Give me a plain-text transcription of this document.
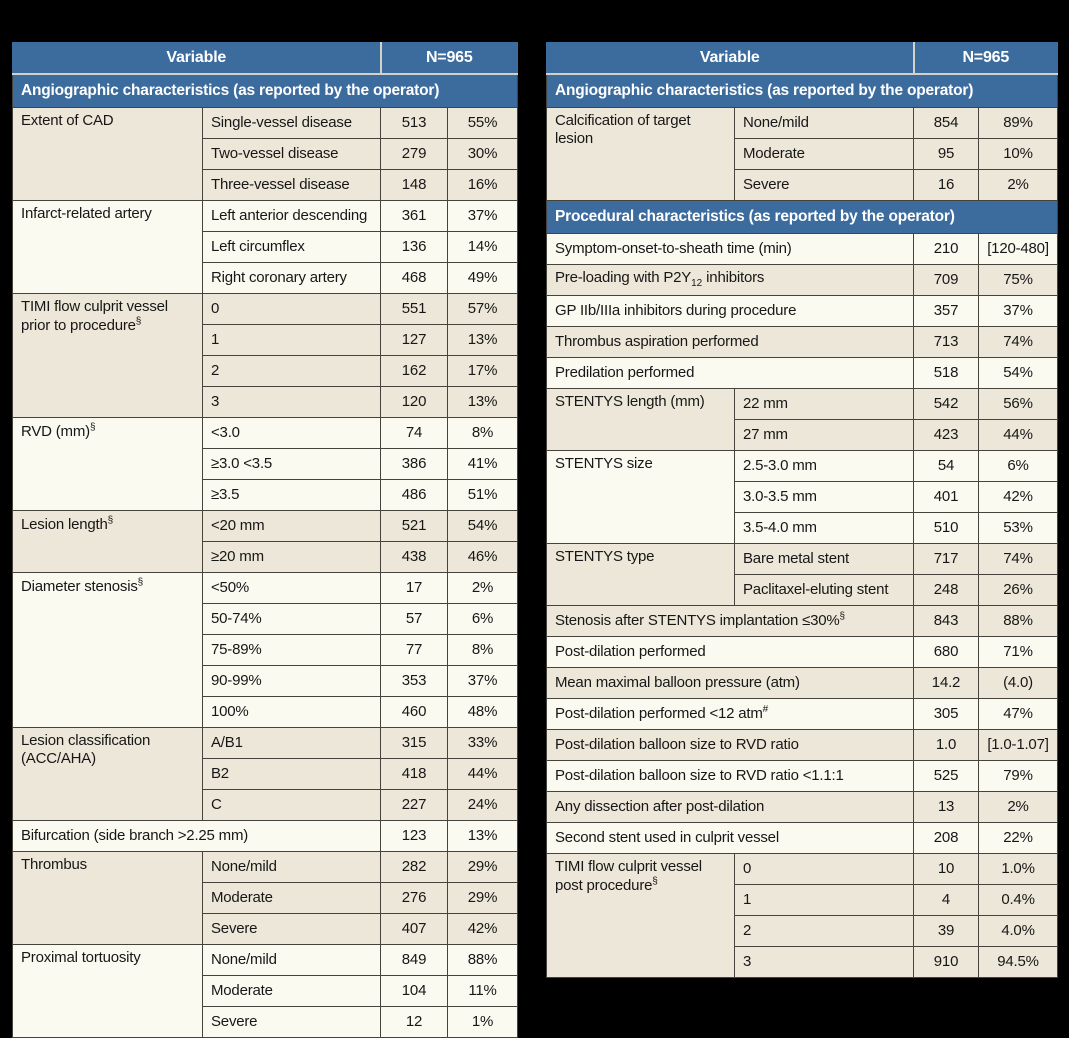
Variable		N=965	
Angiographic characteristics (as reported by the operator)			
Extent of CAD	Single-vessel disease	513	55%
	Two-vessel disease	279	30%
	Three-vessel disease	148	16%
Infarct-related artery	Left anterior descending	361	37%
	Left circumflex	136	14%
	Right coronary artery	468	49%
TIMI flow culprit vessel prior to procedure§	0	551	57%
	1	127	13%
	2	162	17%
	3	120	13%
RVD (mm)§	<3.0	74	8%
	≥3.0 <3.5	386	41%
	≥3.5	486	51%
Lesion length§	<20 mm	521	54%
	≥20 mm	438	46%
Diameter stenosis§	<50%	17	2%
	50-74%	57	6%
	75-89%	77	8%
	90-99%	353	37%
	100%	460	48%
Lesion classification (ACC/AHA)	A/B1	315	33%
	B2	418	44%
	C	227	24%
Bifurcation (side branch >2.25 mm)		123	13%
Thrombus	None/mild	282	29%
	Moderate	276	29%
	Severe	407	42%
Proximal tortuosity	None/mild	849	88%
	Moderate	104	11%
	Severe	12	1%
Variable		N=965	
Angiographic characteristics (as reported by the operator)			
Calcification of target lesion	None/mild	854	89%
	Moderate	95	10%
	Severe	16	2%
Procedural characteristics (as reported by the operator)			
Symptom-onset-to-sheath time (min)		210	[120-480]
Pre-loading with $P2Y_{12}$ inhibitors		709	75%
GP IIb/IIIa inhibitors during procedure		357	37%
Thrombus aspiration performed		713	74%
Predilation performed		518	54%
STENTYS length (mm)	22 mm	542	56%
	27 mm	423	44%
STENTYS size	2.5-3.0 mm	54	6%
	3.0-3.5 mm	401	42%
	3.5-4.0 mm	510	53%
STENTYS type	Bare metal stent	717	74%
	Paclitaxel-eluting stent	248	26%
Stenosis after STENTYS implantation ≤30%§		843	88%
Post-dilation performed		680	71%
Mean maximal balloon pressure (atm)		14.2	(4.0)
Post-dilation performed <12 atm#		305	47%
Post-dilation balloon size to RVD ratio		1.0	[1.0-1.07]
Post-dilation balloon size to RVD ratio <1.1:1		525	79%
Any dissection after post-dilation		13	2%
Second stent used in culprit vessel		208	22%
TIMI flow culprit vessel post procedure§	0	10	1.0%
	1	4	0.4%
	2	39	4.0%
	3	910	94.5%
